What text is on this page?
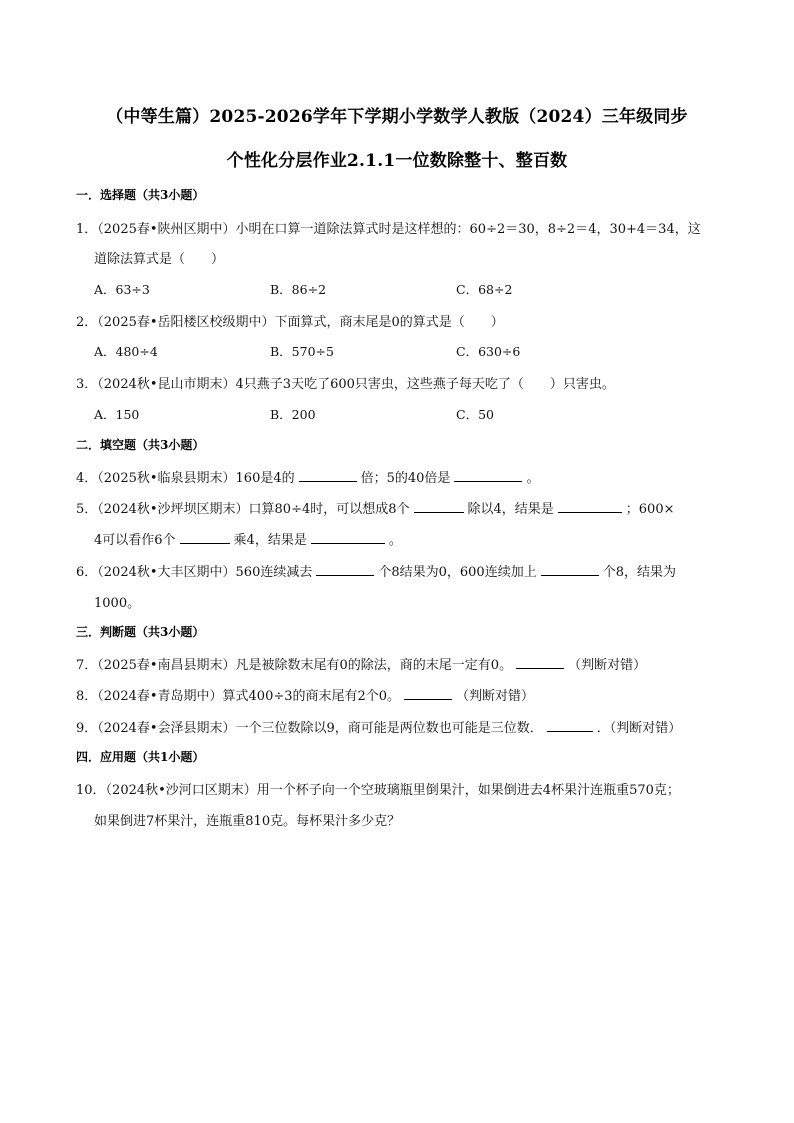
（中等生篇）2025-2026学年下学期小学数学人教版（2024）三年级同步
个性化分层作业2.1.1一位数除整十、整百数
一．选择题（共3小题）
1．（2025春•陕州区期中）小明在口算一道除法算式时是这样想的：60÷2＝30，8÷2＝4，30+4＝34，这
道除法算式是（　　）
A．63÷3	B．86÷2	C．68÷2
2．（2025春•岳阳楼区校级期中）下面算式，商末尾是0的算式是（　　）
A．480÷4	B．570÷5	C．630÷6
3．（2024秋•昆山市期末）4只燕子3天吃了600只害虫，这些燕子每天吃了（　　）只害虫。
A．150	B．200	C．50
二．填空题（共3小题）
4．（2025秋•临泉县期末）160是4的	倍；5的40倍是	。
5．（2024秋•沙坪坝区期末）口算80÷4时，可以想成8个	除以4，结果是	；600×
4可以看作6个	乘4，结果是	。
6．（2024秋•大丰区期中）560连续减去	个8结果为0，600连续加上	个8，结果为
1000。
三．判断题（共3小题）
7．（2025春•南昌县期末）凡是被除数末尾有0的除法，商的末尾一定有0。	（判断对错）
8．（2024春•青岛期中）算式400÷3的商末尾有2个0。	（判断对错）
9．（2024春•会泽县期末）一个三位数除以9，商可能是两位数也可能是三位数．	．（判断对错）
四．应用题（共1小题）
10．（2024秋•沙河口区期末）用一个杯子向一个空玻璃瓶里倒果汁，如果倒进去4杯果汁连瓶重570克；
如果倒进7杯果汁，连瓶重810克。每杯果汁多少克？
